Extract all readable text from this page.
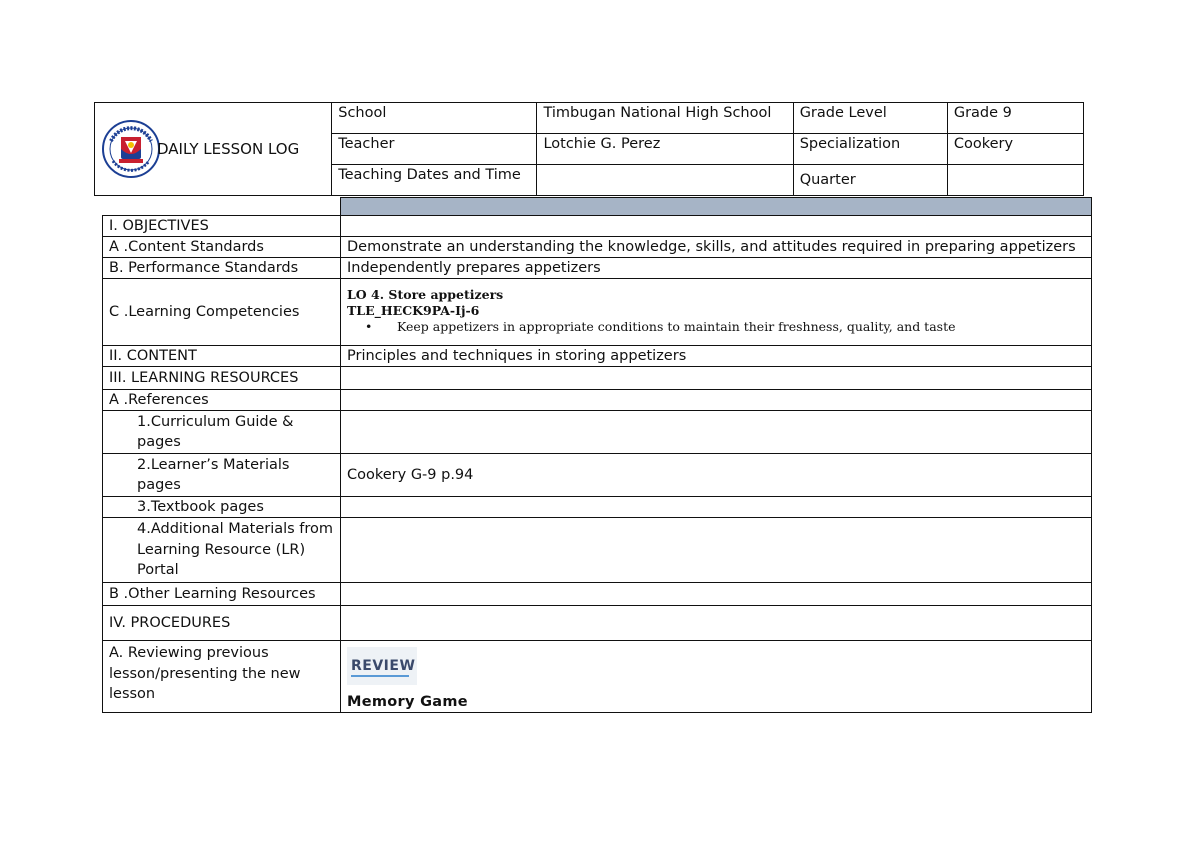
DAILY LESSON LOG	School	Timbugan National High School	Grade Level	Grade 9
	Teacher	Lotchie G. Perez	Specialization	Cookery
	Teaching Dates and Time		Quarter	

I. OBJECTIVES	
A .Content Standards	Demonstrate an understanding the knowledge, skills, and attitudes required in preparing appetizers
B. Performance Standards	Independently prepares appetizers
C .Learning Competencies	LO 4. Store appetizers
TLE_HECK9PA-Ij-6
• Keep appetizers in appropriate conditions to maintain their freshness, quality, and taste

II. CONTENT	Principles and techniques in storing appetizers
III. LEARNING RESOURCES	
A .References	
1.Curriculum Guide & pages	
2.Learner’s Materials pages	Cookery G-9 p.94
3.Textbook pages	
4.Additional Materials from Learning Resource (LR) Portal	
B .Other Learning Resources	
IV. PROCEDURES	
A. Reviewing previous lesson/presenting the new lesson	REVIEW
Memory Game
